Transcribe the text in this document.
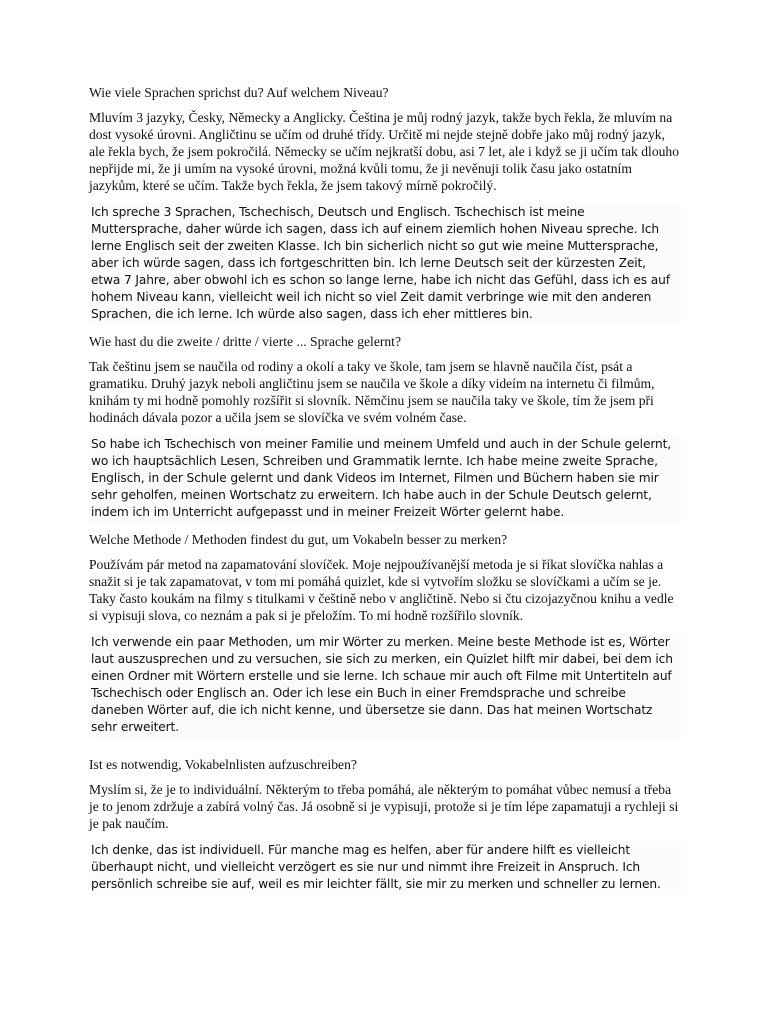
Wie viele Sprachen sprichst du? Auf welchem Niveau?

Mluvím 3 jazyky, Česky, Německy a Anglicky. Čeština je můj rodný jazyk, takže bych řekla, že mluvím na dost vysoké úrovni. Angličtinu se učím od druhé třídy. Určitě mi nejde stejně dobře jako můj rodný jazyk, ale řekla bych, že jsem pokročilá. Německy se učím nejkratší dobu, asi 7 let, ale i když se ji učím tak dlouho nepřijde mi, že ji umím na vysoké úrovni, možná kvůli tomu, že ji nevěnuji tolik času jako ostatním jazykům, které se učím. Takže bych řekla, že jsem takový mírně pokročilý.

Ich spreche 3 Sprachen, Tschechisch, Deutsch und Englisch. Tschechisch ist meine Muttersprache, daher würde ich sagen, dass ich auf einem ziemlich hohen Niveau spreche. Ich lerne Englisch seit der zweiten Klasse. Ich bin sicherlich nicht so gut wie meine Muttersprache, aber ich würde sagen, dass ich fortgeschritten bin. Ich lerne Deutsch seit der kürzesten Zeit, etwa 7 Jahre, aber obwohl ich es schon so lange lerne, habe ich nicht das Gefühl, dass ich es auf hohem Niveau kann, vielleicht weil ich nicht so viel Zeit damit verbringe wie mit den anderen Sprachen, die ich lerne. Ich würde also sagen, dass ich eher mittleres bin.

Wie hast du die zweite / dritte / vierte ... Sprache gelernt?

Tak češtinu jsem se naučila od rodiny a okolí a taky ve škole, tam jsem se hlavně naučila číst, psát a gramatiku. Druhý jazyk neboli angličtinu jsem se naučila ve škole a díky videím na internetu či filmům, knihám ty mi hodně pomohly rozšířit si slovník. Němčinu jsem se naučila taky ve škole, tím že jsem při hodinách dávala pozor a učila jsem se slovíčka ve svém volném čase.

So habe ich Tschechisch von meiner Familie und meinem Umfeld und auch in der Schule gelernt, wo ich hauptsächlich Lesen, Schreiben und Grammatik lernte. Ich habe meine zweite Sprache, Englisch, in der Schule gelernt und dank Videos im Internet, Filmen und Büchern haben sie mir sehr geholfen, meinen Wortschatz zu erweitern. Ich habe auch in der Schule Deutsch gelernt, indem ich im Unterricht aufgepasst und in meiner Freizeit Wörter gelernt habe.

Welche Methode / Methoden findest du gut, um Vokabeln besser zu merken?

Používám pár metod na zapamatování slovíček. Moje nejpoužívanější metoda je si říkat slovíčka nahlas a snažit si je tak zapamatovat, v tom mi pomáhá quizlet, kde si vytvořím složku se slovíčkami a učím se je. Taky často koukám na filmy s titulkami v češtině nebo v angličtině. Nebo si čtu cizojazyčnou knihu a vedle si vypisuji slova, co neznám a pak si je přeložím. To mi hodně rozšířilo slovník.

Ich verwende ein paar Methoden, um mir Wörter zu merken. Meine beste Methode ist es, Wörter laut auszusprechen und zu versuchen, sie sich zu merken, ein Quizlet hilft mir dabei, bei dem ich einen Ordner mit Wörtern erstelle und sie lerne. Ich schaue mir auch oft Filme mit Untertiteln auf Tschechisch oder Englisch an. Oder ich lese ein Buch in einer Fremdsprache und schreibe daneben Wörter auf, die ich nicht kenne, und übersetze sie dann. Das hat meinen Wortschatz sehr erweitert.

Ist es notwendig, Vokabelnlisten aufzuschreiben?

Myslím si, že je to individuální. Některým to třeba pomáhá, ale některým to pomáhat vůbec nemusí a třeba je to jenom zdržuje a zabírá volný čas. Já osobně si je vypisuji, protože si je tím lépe zapamatuji a rychleji si je pak naučím.

Ich denke, das ist individuell. Für manche mag es helfen, aber für andere hilft es vielleicht überhaupt nicht, und vielleicht verzögert es sie nur und nimmt ihre Freizeit in Anspruch. Ich persönlich schreibe sie auf, weil es mir leichter fällt, sie mir zu merken und schneller zu lernen.
